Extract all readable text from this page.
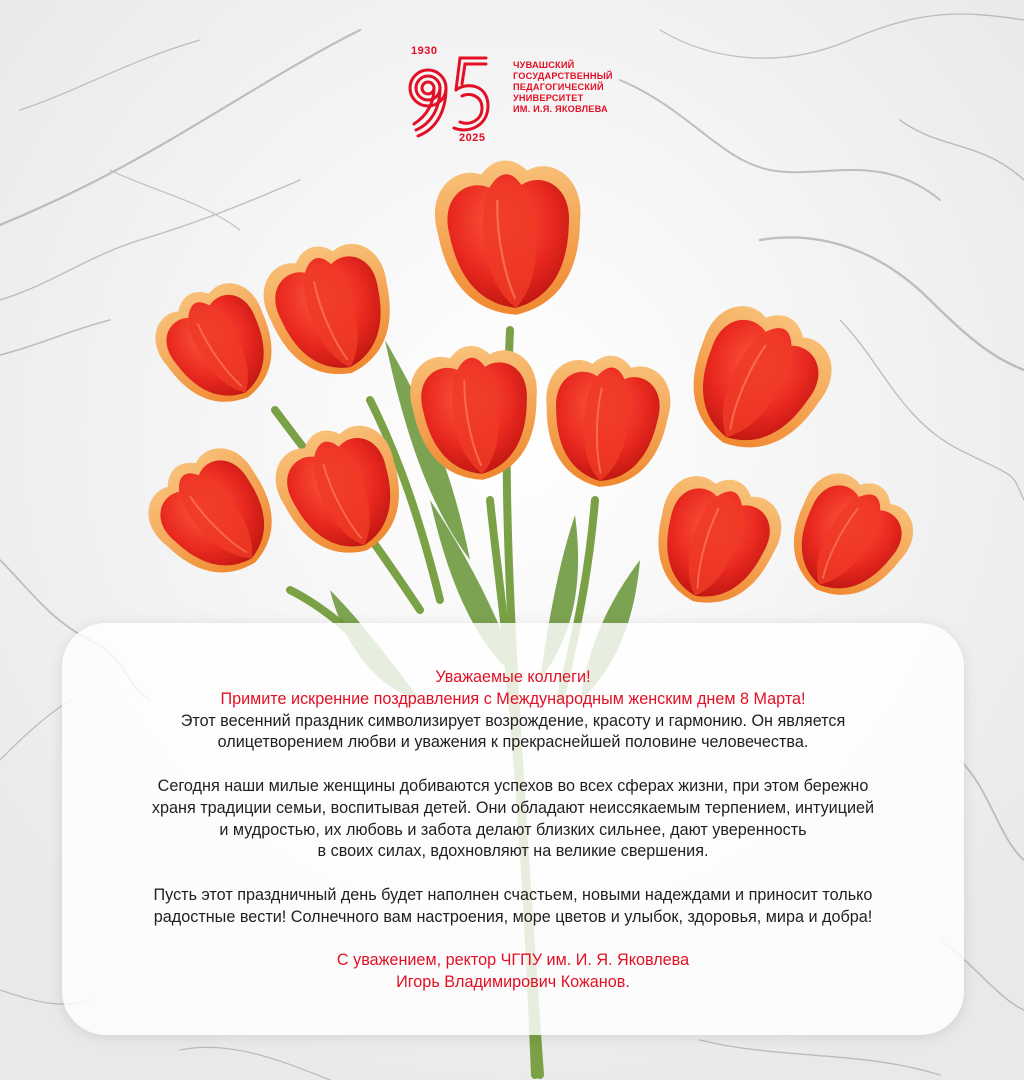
1930
2025
ЧУВАШСКИЙ
ГОСУДАРСТВЕННЫЙ
ПЕДАГОГИЧЕСКИЙ
УНИВЕРСИТЕТ
ИМ. И.Я. ЯКОВЛЕВА
Уважаемые коллеги!
Примите искренние поздравления с Международным женским днем 8 Марта!
Этот весенний праздник символизирует возрождение, красоту и гармонию. Он является
олицетворением любви и уважения к прекраснейшей половине человечества.
Сегодня наши милые женщины добиваются успехов во всех сферах жизни, при этом бережно
храня традиции семьи, воспитывая детей. Они обладают неиссякаемым терпением, интуицией
и мудростью, их любовь и забота делают близких сильнее, дают уверенность
в своих силах, вдохновляют на великие свершения.
Пусть этот праздничный день будет наполнен счастьем, новыми надеждами и приносит только
радостные вести! Солнечного вам настроения, море цветов и улыбок, здоровья, мира и добра!
С уважением, ректор ЧГПУ им. И. Я. Яковлева
Игорь Владимирович Кожанов.
